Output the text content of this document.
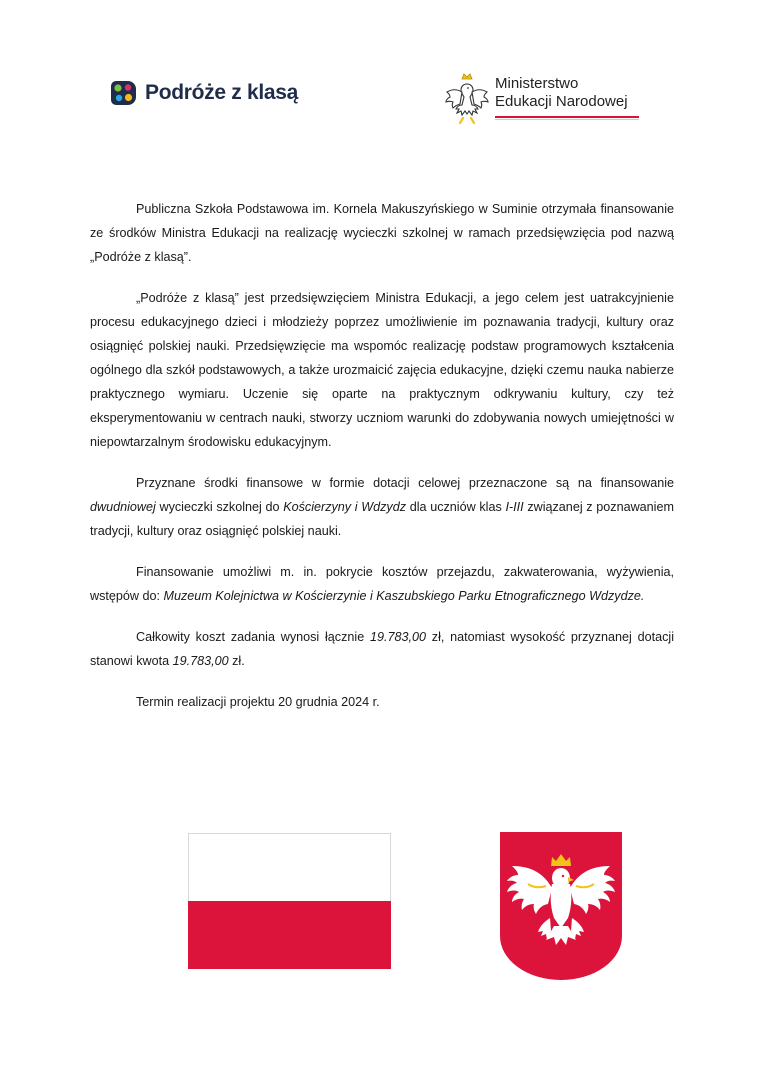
Podróże z klasą	Ministerstwo
Edukacji Narodowej

Publiczna Szkoła Podstawowa im. Kornela Makuszyńskiego w Suminie otrzymała finansowanie ze środków Ministra Edukacji na realizację wycieczki szkolnej w ramach przedsięwzięcia pod nazwą „Podróże z klasą”.

„Podróże z klasą” jest przedsięwzięciem Ministra Edukacji, a jego celem jest uatrakcyjnienie procesu edukacyjnego dzieci i młodzieży poprzez umożliwienie im poznawania tradycji, kultury oraz osiągnięć polskiej nauki. Przedsięwzięcie ma wspomóc realizację podstaw programowych kształcenia ogólnego dla szkół podstawowych, a także urozmaicić zajęcia edukacyjne, dzięki czemu nauka nabierze praktycznego wymiaru. Uczenie się oparte na praktycznym odkrywaniu kultury, czy też eksperymentowaniu w centrach nauki, stworzy uczniom warunki do zdobywania nowych umiejętności w niepowtarzalnym środowisku edukacyjnym.

Przyznane środki finansowe w formie dotacji celowej przeznaczone są na finansowanie dwudniowej wycieczki szkolnej do Kościerzyny i Wdzydz dla uczniów klas I-III związanej z poznawaniem tradycji, kultury oraz osiągnięć polskiej nauki.

Finansowanie umożliwi m. in. pokrycie kosztów przejazdu, zakwaterowania, wyżywienia, wstępów do: Muzeum Kolejnictwa w Kościerzynie i Kaszubskiego Parku Etnograficznego Wdzydze.

Całkowity koszt zadania wynosi łącznie 19.783,00 zł, natomiast wysokość przyznanej dotacji stanowi kwota 19.783,00 zł.

Termin realizacji projektu 20 grudnia 2024 r.
